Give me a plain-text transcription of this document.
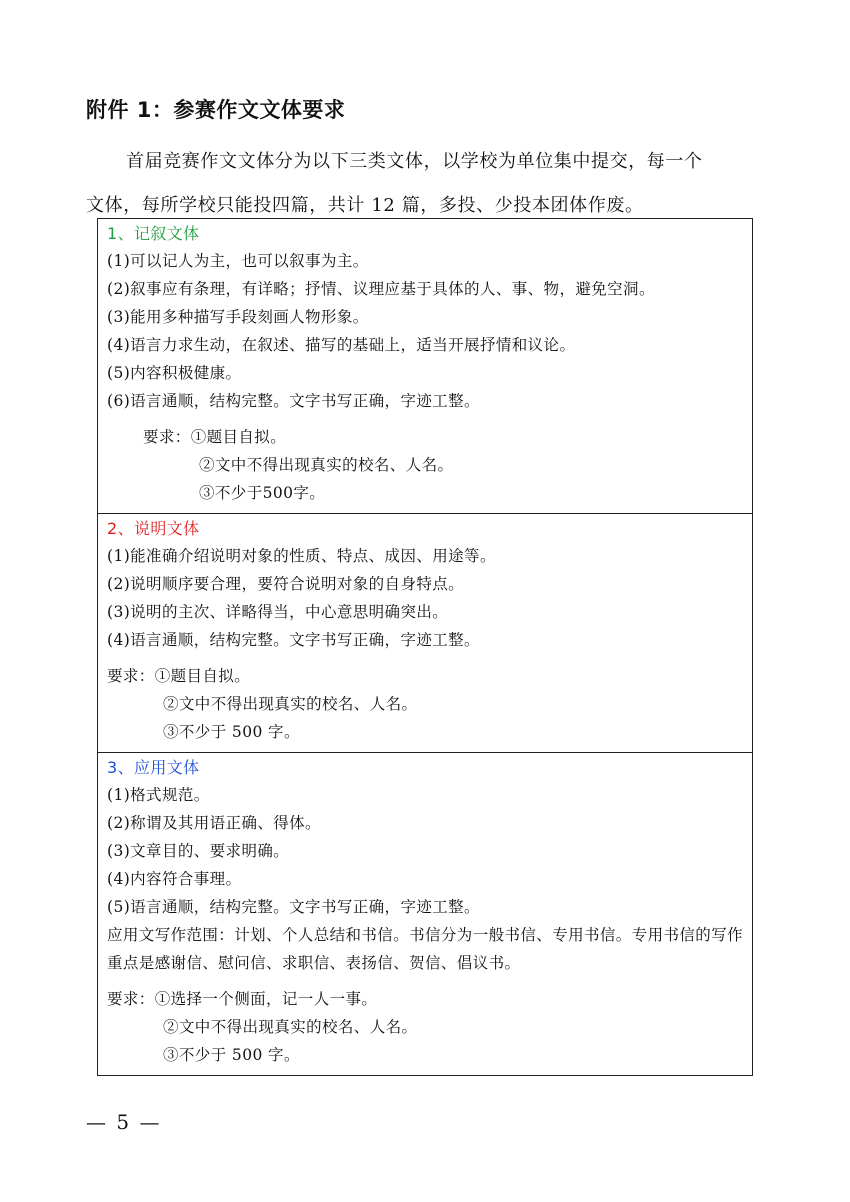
附件 1：参赛作文文体要求
首届竞赛作文文体分为以下三类文体，以学校为单位集中提交，每一个
文体，每所学校只能投四篇，共计 12 篇，多投、少投本团体作废。
1、记叙文体
(1)可以记人为主，也可以叙事为主。
(2)叙事应有条理，有详略；抒情、议理应基于具体的人、事、物，避免空洞。
(3)能用多种描写手段刻画人物形象。
(4)语言力求生动，在叙述、描写的基础上，适当开展抒情和议论。
(5)内容积极健康。
(6)语言通顺，结构完整。文字书写正确，字迹工整。
要求：①题目自拟。
②文中不得出现真实的校名、人名。
③不少于500字。

2、说明文体
(1)能准确介绍说明对象的性质、特点、成因、用途等。
(2)说明顺序要合理，要符合说明对象的自身特点。
(3)说明的主次、详略得当，中心意思明确突出。
(4)语言通顺，结构完整。文字书写正确，字迹工整。
要求：①题目自拟。
②文中不得出现真实的校名、人名。
③不少于 500 字。

3、应用文体
(1)格式规范。
(2)称谓及其用语正确、得体。
(3)文章目的、要求明确。
(4)内容符合事理。
(5)语言通顺，结构完整。文字书写正确，字迹工整。
应用文写作范围：计划、个人总结和书信。书信分为一般书信、专用书信。专用书信的写作重点是感谢信、慰问信、求职信、表扬信、贺信、倡议书。
要求：①选择一个侧面，记一人一事。
②文中不得出现真实的校名、人名。
③不少于 500 字。
— 5 —
